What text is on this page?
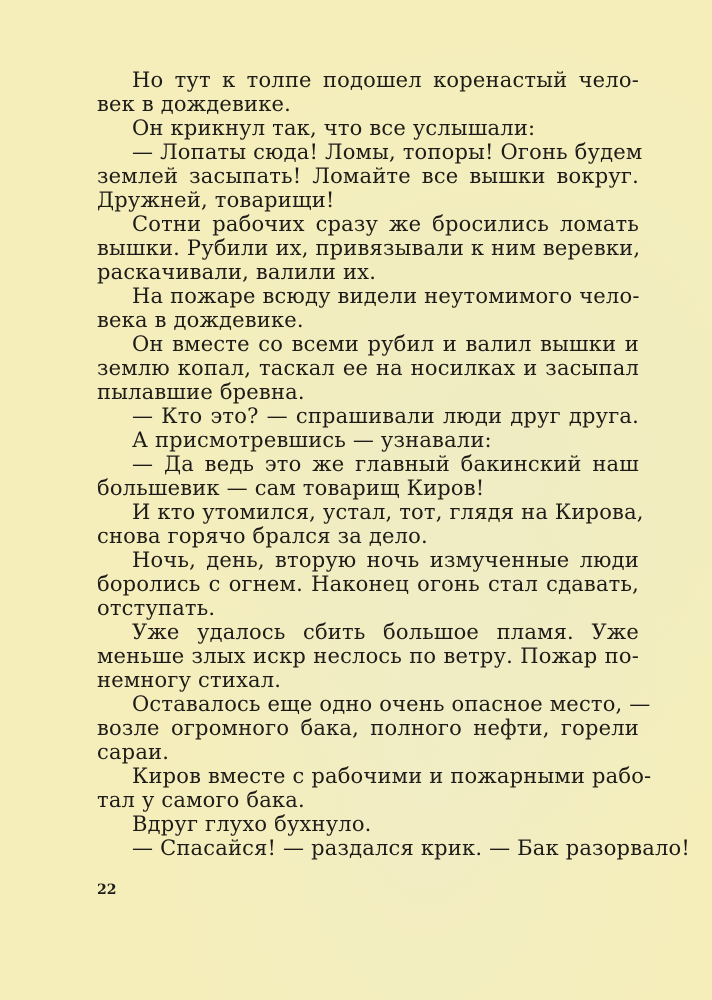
Но тут к толпе подошел коренастый чело-
век в дождевике.
Он крикнул так, что все услышали:
— Лопаты сюда! Ломы, топоры! Огонь будем
землей засыпать! Ломайте все вышки вокруг.
Дружней, товарищи!
Сотни рабочих сразу же бросились ломать
вышки. Рубили их, привязывали к ним веревки,
раскачивали, валили их.
На пожаре всюду видели неутомимого чело-
века в дождевике.
Он вместе со всеми рубил и валил вышки и
землю копал, таскал ее на носилках и засыпал
пылавшие бревна.
— Кто это? — спрашивали люди друг друга.
А присмотревшись — узнавали:
— Да ведь это же главный бакинский наш
большевик — сам товарищ Киров!
И кто утомился, устал, тот, глядя на Кирова,
снова горячо брался за дело.
Ночь, день, вторую ночь измученные люди
боролись с огнем. Наконец огонь стал сдавать,
отступать.
Уже удалось сбить большое пламя. Уже
меньше злых искр неслось по ветру. Пожар по-
немногу стихал.
Оставалось еще одно очень опасное место, —
возле огромного бака, полного нефти, горели
сараи.
Киров вместе с рабочими и пожарными рабо-
тал у самого бака.
Вдруг глухо бухнуло.
— Спасайся! — раздался крик. — Бак разорвало!
22
